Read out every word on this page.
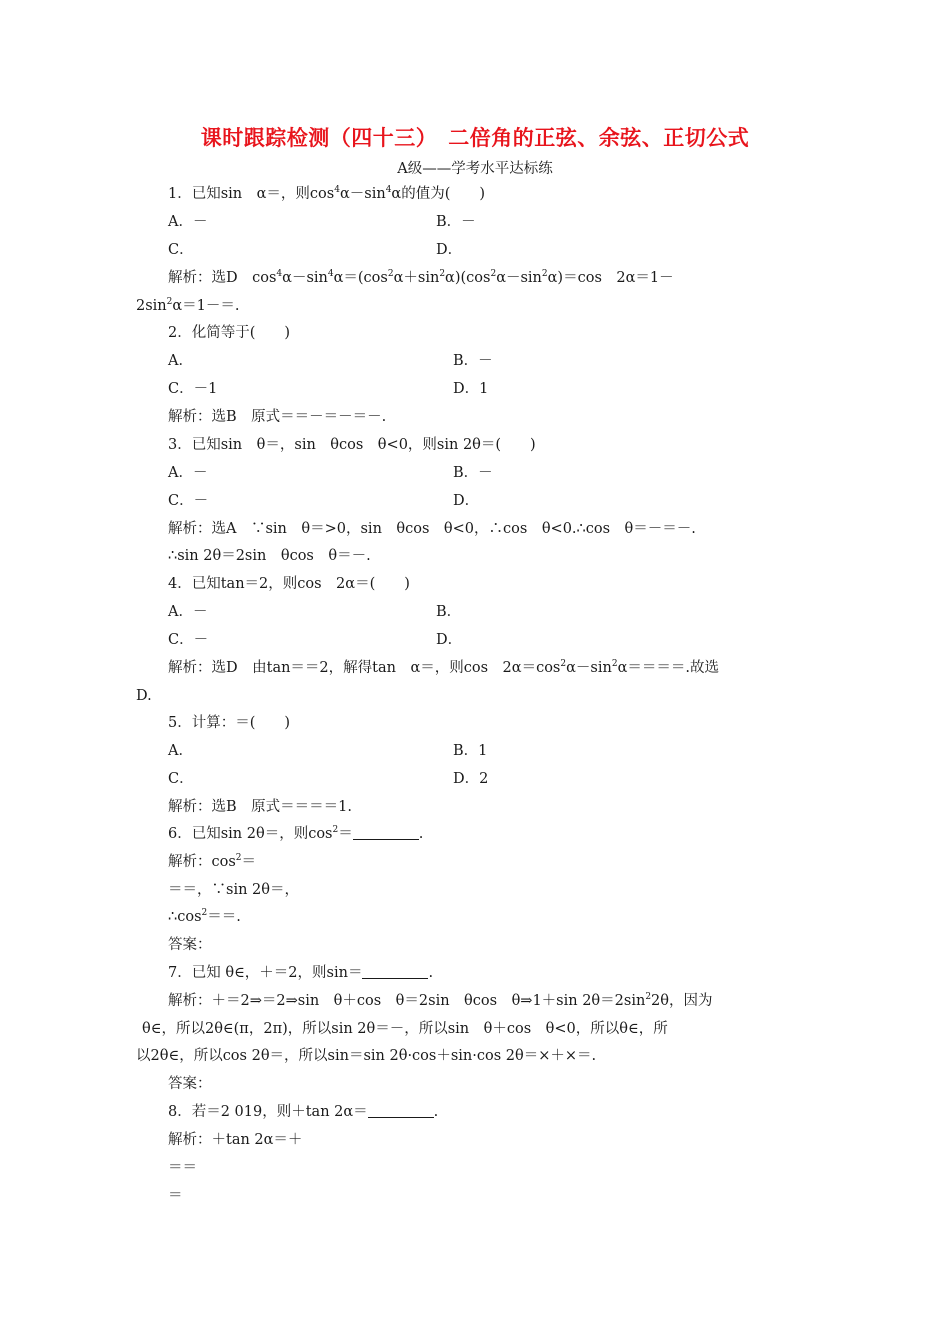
课时跟踪检测（四十三）　二倍角的正弦、余弦、正切公式
A级——学考水平达标练
1．已知sin　α＝，则$\cos^4\alpha-\sin^4\alpha$的值为(　　)
A．－	B．－
C．	D．
解析：选D　$\cos^4\alpha-\sin^4\alpha=(\cos^2\alpha+\sin^2\alpha)(\cos^2\alpha-\sin^2\alpha)=\cos$　2α＝1－
$2\sin^2\alpha=1-=$.
2．化简等于(　　)
A．	B．－
C．－1	D．1
解析：选B　原式＝＝－＝－＝－.
3．已知sin　θ＝，sin　θcos　θ<0，则sin 2θ＝(　　)
A．－	B．－
C．－	D．
解析：选A　∵sin　θ＝>0，sin　θcos　θ<0，∴cos　θ<0.∴cos　θ＝－＝－.
∴sin 2θ＝2sin　θcos　θ＝－.
4．已知tan＝2，则cos　2α＝(　　)
A．－	B．
C．－	D．
解析：选D　由tan＝＝2，解得tan　α＝，则cos　$2\alpha=\cos^2\alpha-\sin^2\alpha====$.故选
D.
5．计算：＝(　　)
A．	B．1
C．	D．2
解析：选B　原式＝＝＝＝1.
6．已知sin 2θ＝，则$\cos^2=$	.
解析：$\cos^2=$
＝＝，∵sin 2θ＝，
$\therefore\cos^2==$.
答案：
7．已知 θ∈，＋＝2，则sin＝	.
解析：＋＝2⇒＝2⇒sin　θ＋cos　θ＝2sin　θcos　θ⇒1＋sin $2\theta=2\sin^22\theta$，因为
θ∈，所以2θ∈(π，2π)，所以sin 2θ＝－，所以sin　θ＋cos　θ<0，所以θ∈，所
以2θ∈，所以cos 2θ＝，所以sin＝sin 2θ·cos＋sin·cos 2θ＝×＋×＝.
答案：
8．若＝2 019，则＋tan 2α＝	.
解析：＋tan 2α＝＋
＝＝
＝
